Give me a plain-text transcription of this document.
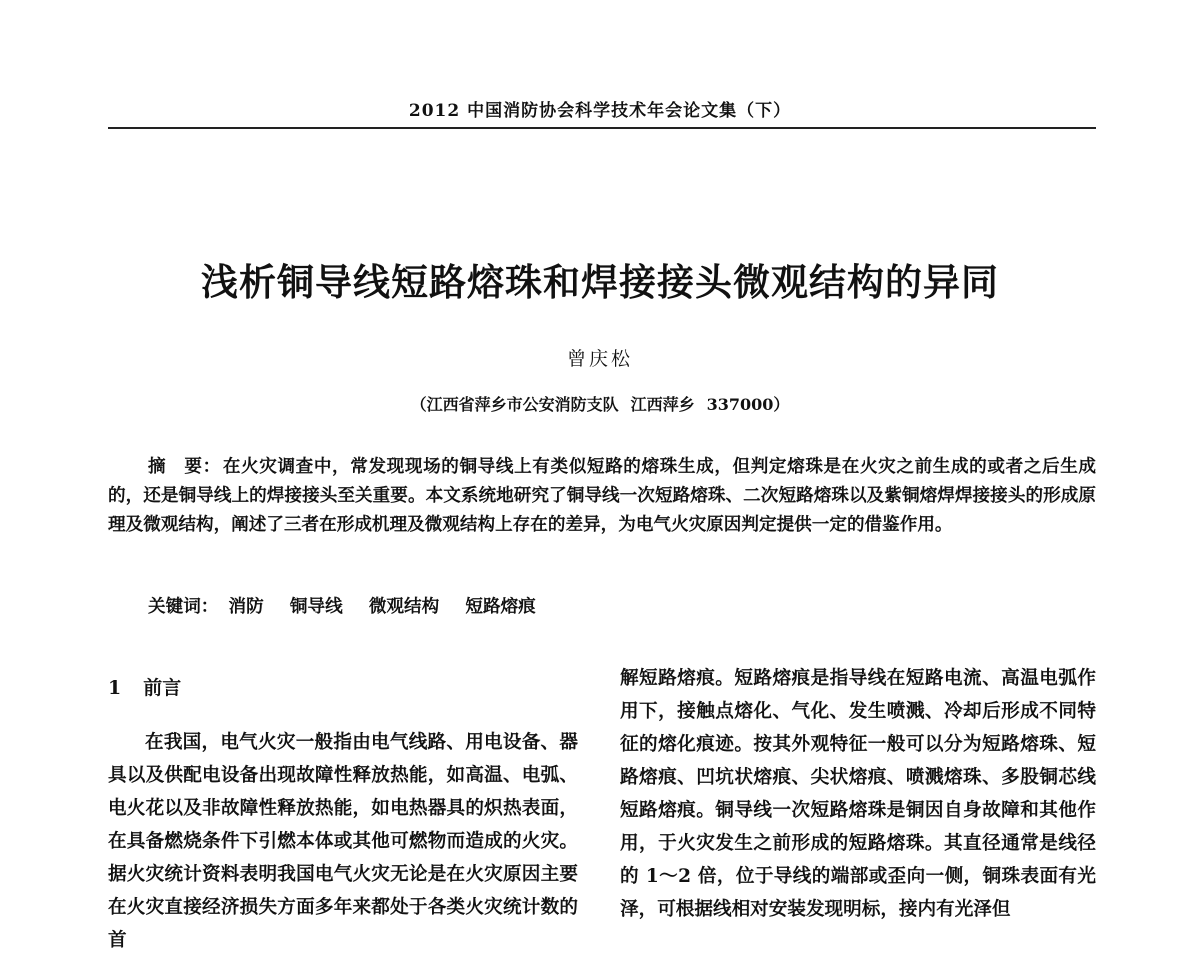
2012 中国消防协会科学技术年会论文集（下）
浅析铜导线短路熔珠和焊接接头微观结构的异同
曾庆松
（江西省萍乡市公安消防支队 江西萍乡 337000）

摘　要： 在火灾调查中，常发现现场的铜导线上有类似短路的熔珠生成，但判定熔珠是在火灾之前生成的或者之后生成的，还是铜导线上的焊接接头至关重要。本文系统地研究了铜导线一次短路熔珠、二次短路熔珠以及紫铜熔焊焊接接头的形成原理及微观结构，阐述了三者在形成机理及微观结构上存在的差异，为电气火灾原因判定提供一定的借鉴作用。

关键词： 消防 铜导线 微观结构 短路熔痕
1 前言

在我国，电气火灾一般指由电气线路、用电设备、器具以及供配电设备出现故障性释放热能，如高温、电弧、电火花以及非故障性释放热能，如电热器具的炽热表面，在具备燃烧条件下引燃本体或其他可燃物而造成的火灾。据火灾统计资料表明我国电气火灾无论是在火灾原因主要在火灾直接经济损失方面多年来都处于各类火灾统计数的首

解短路熔痕。短路熔痕是指导线在短路电流、高温电弧作用下，接触点熔化、气化、发生喷溅、冷却后形成不同特征的熔化痕迹。按其外观特征一般可以分为短路熔珠、短路熔痕、凹坑状熔痕、尖状熔痕、喷溅熔珠、多股铜芯线短路熔痕。铜导线一次短路熔珠是铜因自身故障和其他作用，于火灾发生之前形成的短路熔珠。其直径通常是线径的 1～2 倍，位于导线的端部或歪向一侧，铜珠表面有光泽，可根据线相对安装发现明标，接内有光泽但
